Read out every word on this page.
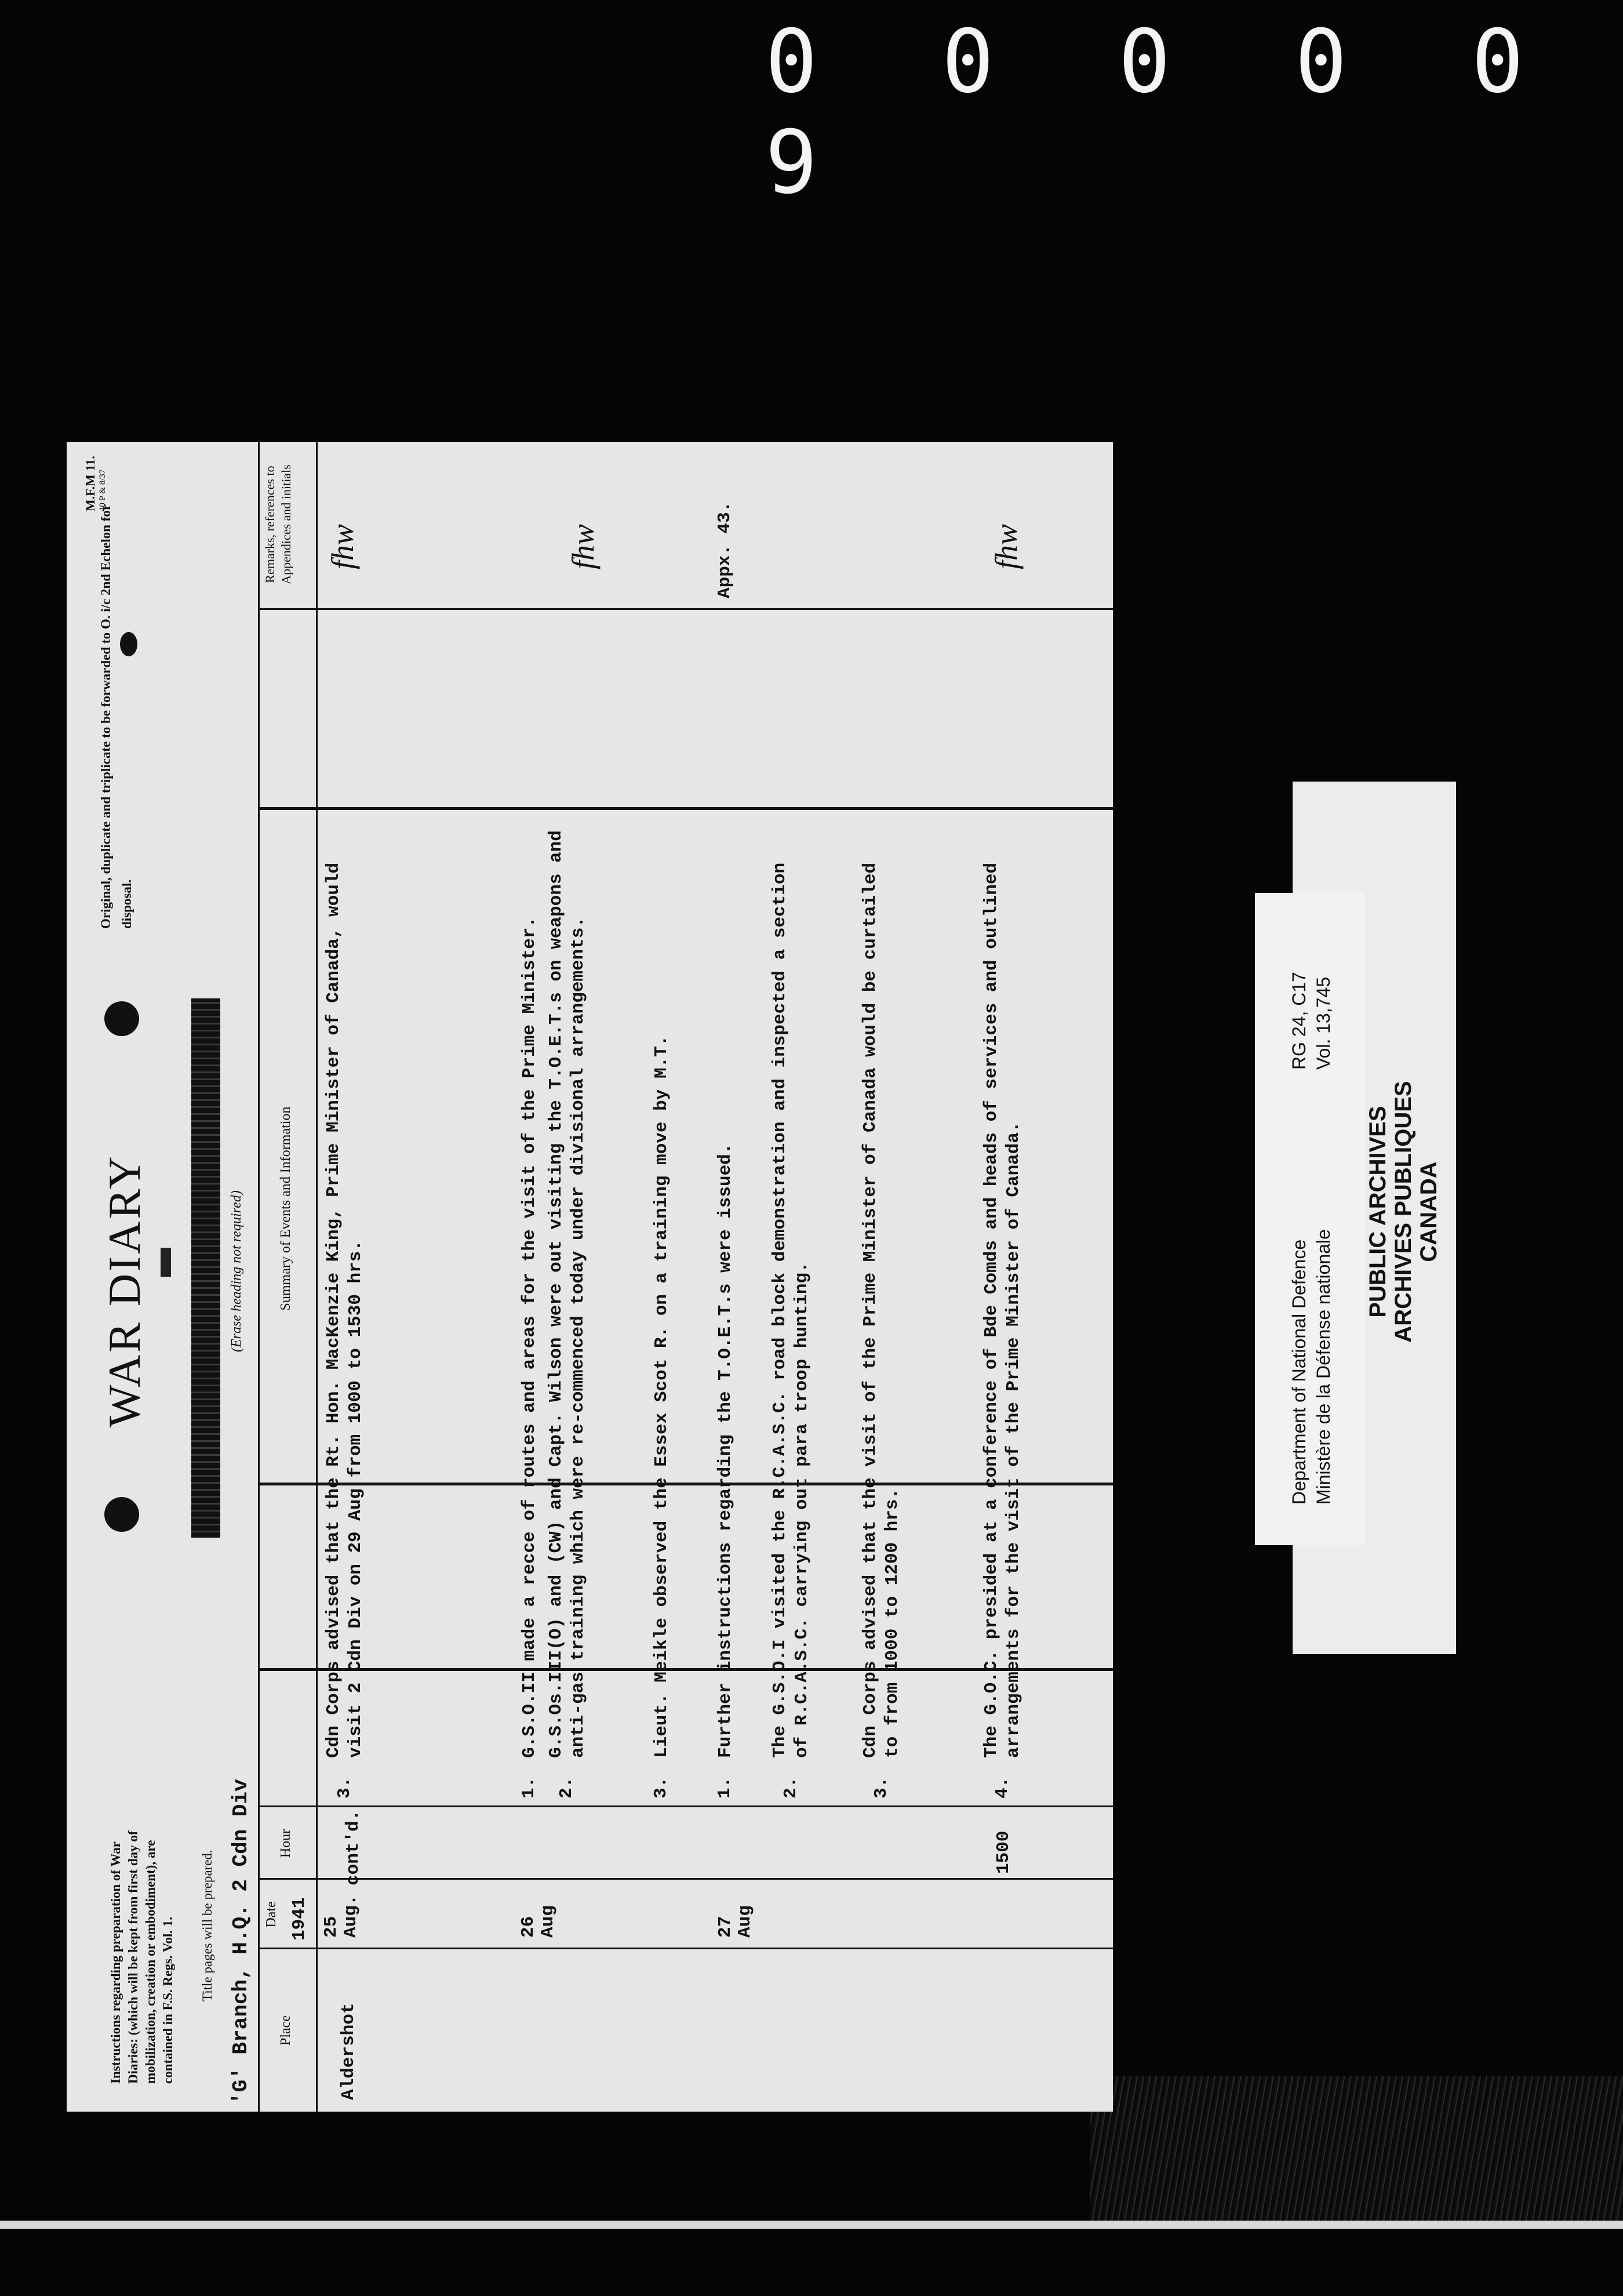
0 0 0 0 0 9
Instructions regarding preparation of War Diaries: (which will be kept from first day of mobilization, creation or embodiment), are contained in F.S. Regs. Vol. 1. Title pages will be prepared. 'G' Branch, H.Q. 2 Cdn Div
WAR DIARY	(Erase heading not required)
M.F.M 11. 40 P & 8/37
Original, duplicate and triplicate to be forwarded to O. i/c 2nd Echelon for disposal.
Place
Date 1941
Hour
Summary of Events and Information
Remarks, references to Appendices and initials
Aldershot
25 Aug.
cont'd.
3.
Cdn Corps advised that the Rt. Hon. MacKenzie King, Prime Minister of Canada, would
visit 2 Cdn Div on 29 Aug from 1000 to 1530 hrs.
fhw
26 Aug
1.
G.S.O.II made a recce of routes and areas for the visit of the Prime Minister.
2.
G.S.Os.III(O) and (CW) and Capt. Wilson were out visiting the T.O.E.T.s on weapons and
anti-gas training which were re-commenced today under divisional arrangements.
3.
Lieut. Meikle observed the Essex Scot R. on a training move by M.T.
fhw
27 Aug
1500
1.
Further instructions regarding the T.O.E.T.s were issued.
Appx. 43.
2.
The G.S.O.I visited the R.C.A.S.C. road block demonstration and inspected a section
of R.C.A.S.C. carrying out para troop hunting.
3.
Cdn Corps advised that the visit of the Prime Minister of Canada would be curtailed
to from 1000 to 1200 hrs.
4.
The G.O.C. presided at a conference of Bde Comds and heads of services and outlined
arrangements for the visit of the Prime Minister of Canada.
fhw
Department of National Defence Ministère de la Défense nationale
RG 24, C17 Vol. 13,745
PUBLIC ARCHIVES ARCHIVES PUBLIQUES CANADA
